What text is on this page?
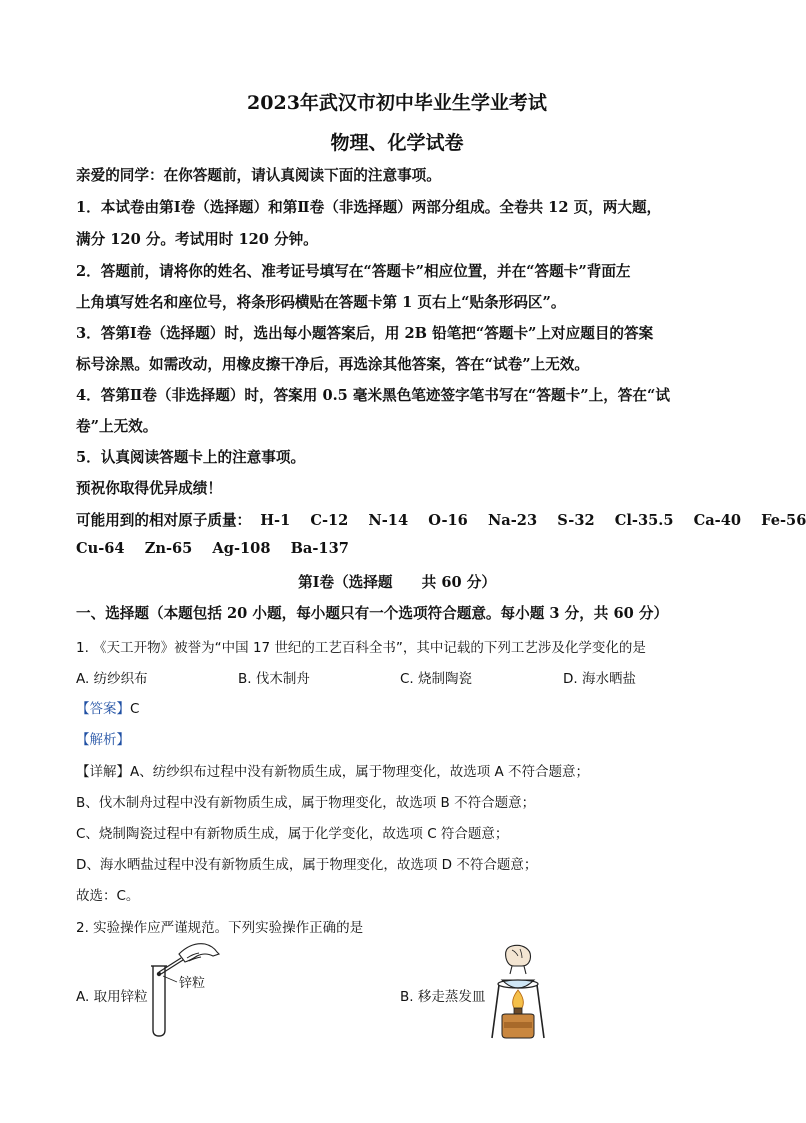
2023年武汉市初中毕业生学业考试
物理、化学试卷
亲爱的同学：在你答题前，请认真阅读下面的注意事项。
1．本试卷由第Ⅰ卷（选择题）和第Ⅱ卷（非选择题）两部分组成。全卷共 12 页，两大题，
满分 120 分。考试用时 120 分钟。
2．答题前，请将你的姓名、准考证号填写在“答题卡”相应位置，并在“答题卡”背面左
上角填写姓名和座位号，将条形码横贴在答题卡第 1 页右上“贴条形码区”。
3．答第Ⅰ卷（选择题）时，选出每小题答案后，用 2B 铅笔把“答题卡”上对应题目的答案
标号涂黑。如需改动，用橡皮擦干净后，再选涂其他答案，答在“试卷”上无效。
4．答第Ⅱ卷（非选择题）时，答案用 0.5 毫米黑色笔迹签字笔书写在“答题卡”上，答在“试
卷”上无效。
5．认真阅读答题卡上的注意事项。
预祝你取得优异成绩！
可能用到的相对原子质量： H-1 C-12 N-14 O-16 Na-23 S-32 Cl-35.5 Ca-40 Fe-56
Cu-64 Zn-65 Ag-108 Ba-137
第Ⅰ卷（选择题　　共 60 分）
一、选择题（本题包括 20 小题，每小题只有一个选项符合题意。每小题 3 分，共 60 分）
1. 《天工开物》被誉为“中国 17 世纪的工艺百科全书”，其中记载的下列工艺涉及化学变化的是
A. 纺纱织布	B. 伐木制舟	C. 烧制陶瓷	D. 海水晒盐
【答案】C
【解析】
【详解】A、纺纱织布过程中没有新物质生成，属于物理变化，故选项 A 不符合题意；
B、伐木制舟过程中没有新物质生成，属于物理变化，故选项 B 不符合题意；
C、烧制陶瓷过程中有新物质生成，属于化学变化，故选项 C 符合题意；
D、海水晒盐过程中没有新物质生成，属于物理变化，故选项 D 不符合题意；
故选：C。
2. 实验操作应严谨规范。下列实验操作正确的是
A. 取用锌粒
锌粒
B. 移走蒸发皿
